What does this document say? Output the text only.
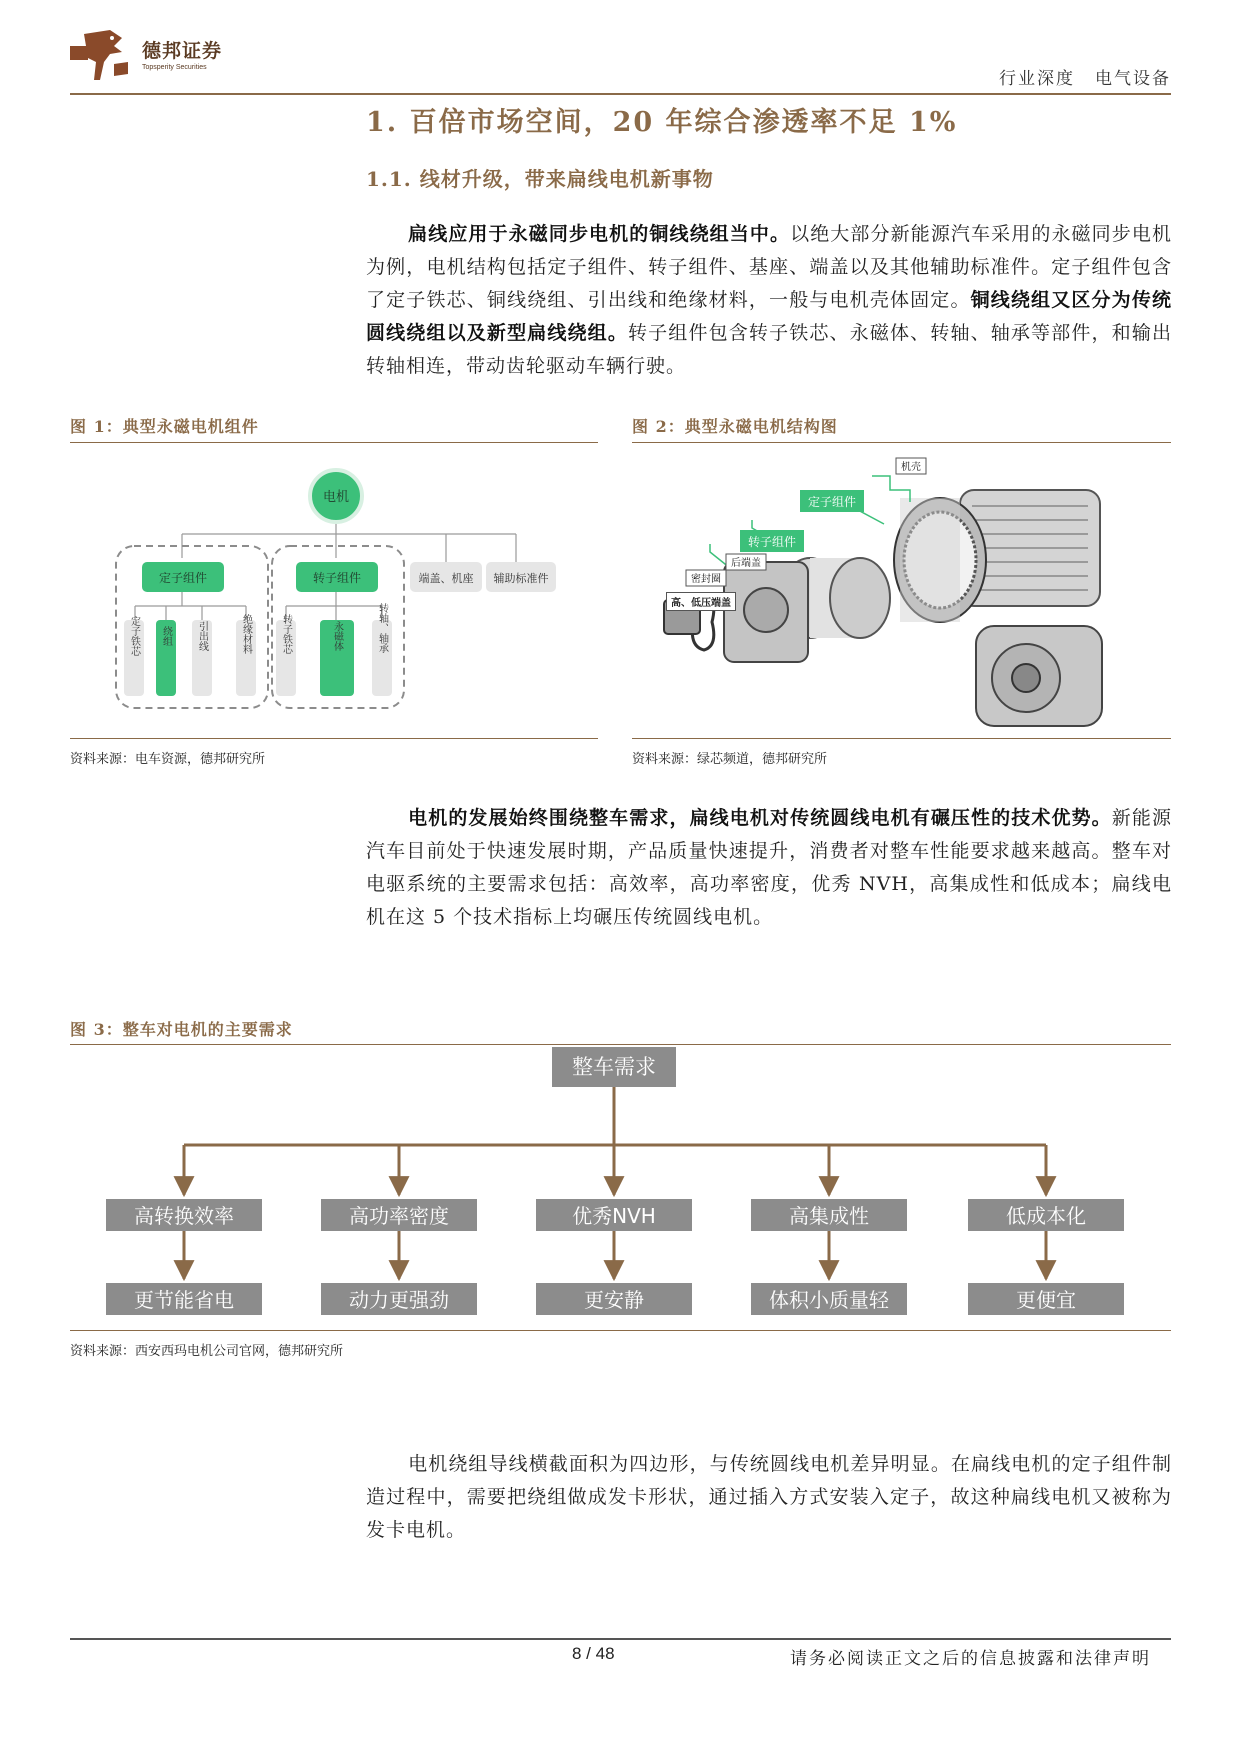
德邦证券
Topsperity Securities
行业深度 电气设备
1. 百倍市场空间，20 年综合渗透率不足 1%
1.1. 线材升级，带来扁线电机新事物
扁线应用于永磁同步电机的铜线绕组当中。以绝大部分新能源汽车采用的永磁同步电机为例，电机结构包括定子组件、转子组件、基座、端盖以及其他辅助标准件。定子组件包含了定子铁芯、铜线绕组、引出线和绝缘材料，一般与电机壳体固定。铜线绕组又区分为传统圆线绕组以及新型扁线绕组。转子组件包含转子铁芯、永磁体、转轴、轴承等部件，和输出转轴相连，带动齿轮驱动车辆行驶。
图 1：典型永磁电机组件
电机
定子组件	转子组件	端盖、机座 辅助标准件
定子铁芯 绕组	引出线	绝缘材料	转子铁芯	永磁体	转轴、轴承
资料来源：电车资源，德邦研究所
图 2：典型永磁电机结构图
机壳
定子组件
转子组件
后端盖
密封圈
高、低压端盖
资料来源：绿芯频道，德邦研究所
电机的发展始终围绕整车需求，扁线电机对传统圆线电机有碾压性的技术优势。新能源汽车目前处于快速发展时期，产品质量快速提升，消费者对整车性能要求越来越高。整车对电驱系统的主要需求包括：高效率，高功率密度，优秀 NVH，高集成性和低成本；扁线电机在这 5 个技术指标上均碾压传统圆线电机。
图 3：整车对电机的主要需求
整车需求
高转换效率	高功率密度	优秀NVH	高集成性	低成本化
更节能省电	动力更强劲	更安静	体积小质量轻	更便宜
资料来源：西安西玛电机公司官网，德邦研究所
电机绕组导线横截面积为四边形，与传统圆线电机差异明显。在扁线电机的定子组件制造过程中，需要把绕组做成发卡形状，通过插入方式安装入定子，故这种扁线电机又被称为发卡电机。
8 / 48	请务必阅读正文之后的信息披露和法律声明
